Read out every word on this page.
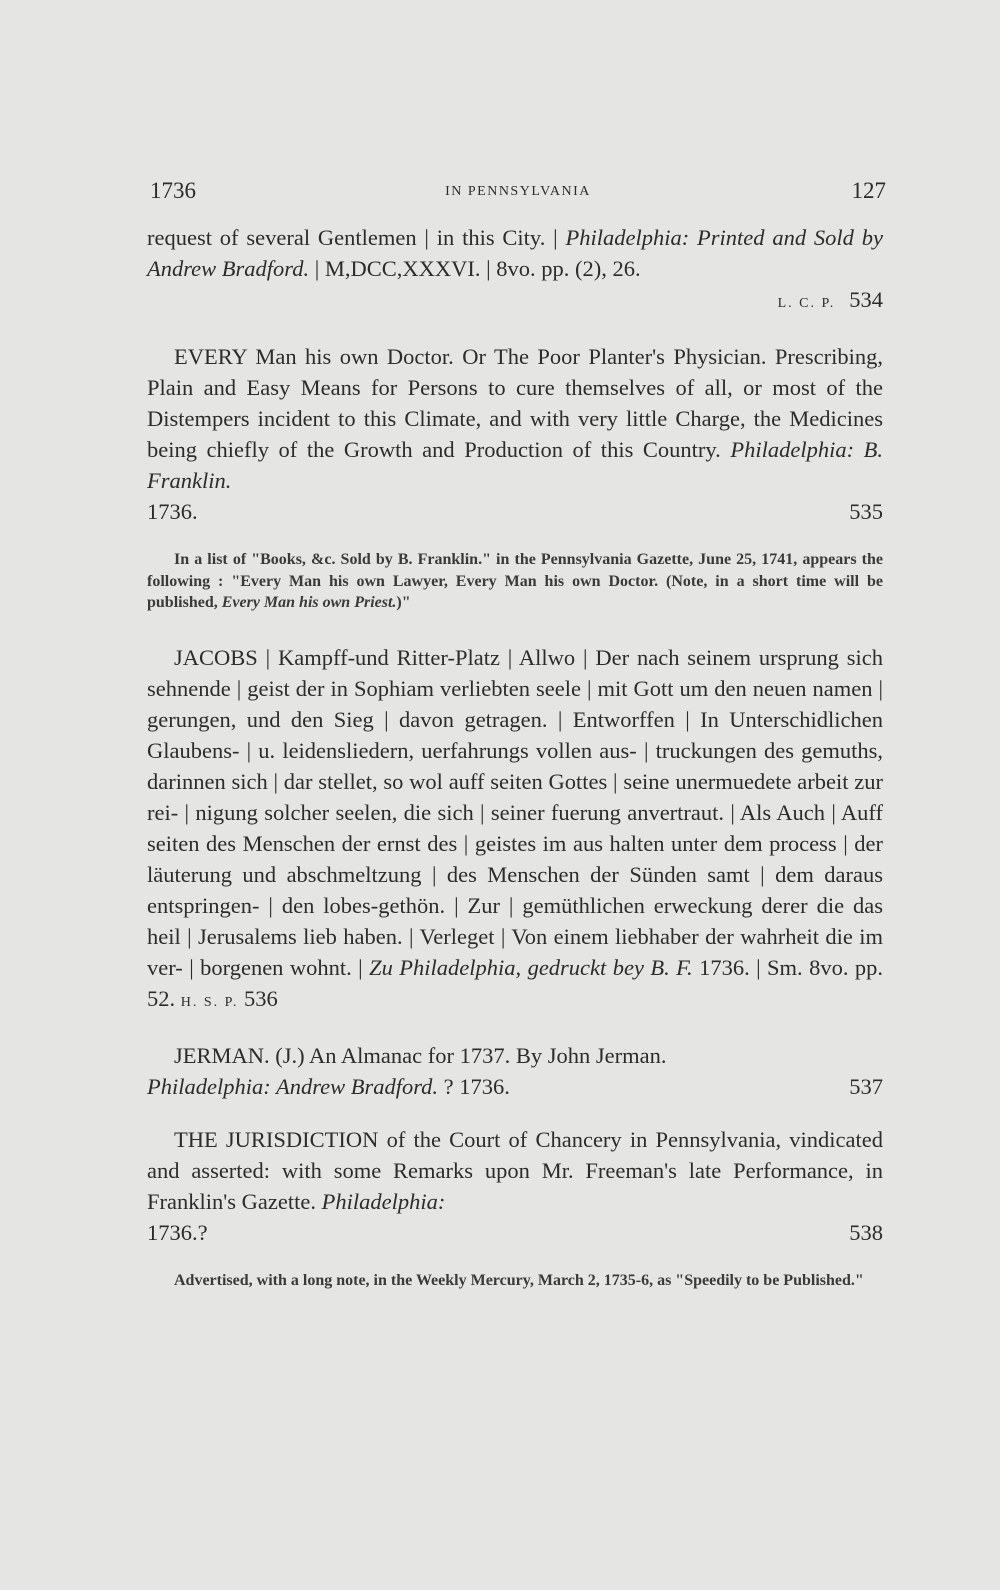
1736	IN PENNSYLVANIA	127

request of several Gentlemen | in this City. | Philadelphia: Printed and Sold by Andrew Bradford. | M,DCC,XXXVI. | 8vo. pp. (2), 26.

L. C. P. 534

EVERY Man his own Doctor. Or The Poor Planter's Physician. Prescribing, Plain and Easy Means for Persons to cure themselves of all, or most of the Distempers incident to this Climate, and with very little Charge, the Medicines being chiefly of the Growth and Production of this Country. Philadelphia: B. Franklin.

1736.	535
In a list of "Books, &c. Sold by B. Franklin." in the Pennsylvania Gazette, June 25, 1741, appears the following : "Every Man his own Lawyer, Every Man his own Doctor. (Note, in a short time will be published, Every Man his own Priest.)"

JACOBS | Kampff-und Ritter-Platz | Allwo | Der nach seinem ursprung sich sehnende | geist der in Sophiam verliebten seele | mit Gott um den neuen namen | gerungen, und den Sieg | davon getragen. | Entworffen | In Unterschidlichen Glaubens- | u. leidensliedern, uerfahrungs vollen aus- | truckungen des gemuths, darinnen sich | dar stellet, so wol auff seiten Gottes | seine unermuedete arbeit zur rei- | nigung solcher seelen, die sich | seiner fuerung anvertraut. | Als Auch | Auff seiten des Menschen der ernst des | geistes im aus halten unter dem process | der läuterung und abschmeltzung | des Menschen der Sünden samt | dem daraus entspringen- | den lobes-gethön. | Zur | gemüthlichen erweckung derer die das heil | Jerusalems lieb haben. | Verleget | Von einem liebhaber der wahrheit die im ver- | borgenen wohnt. | Zu Philadelphia, gedruckt bey B. F. 1736. | Sm. 8vo. pp. 52. H. S. P. 536

JERMAN. (J.) An Almanac for 1737. By John Jerman.

Philadelphia: Andrew Bradford. ? 1736.	537

THE JURISDICTION of the Court of Chancery in Pennsylvania, vindicated and asserted: with some Remarks upon Mr. Freeman's late Performance, in Franklin's Gazette. Philadelphia:

1736.?	538
Advertised, with a long note, in the Weekly Mercury, March 2, 1735-6, as "Speedily to be Published."
